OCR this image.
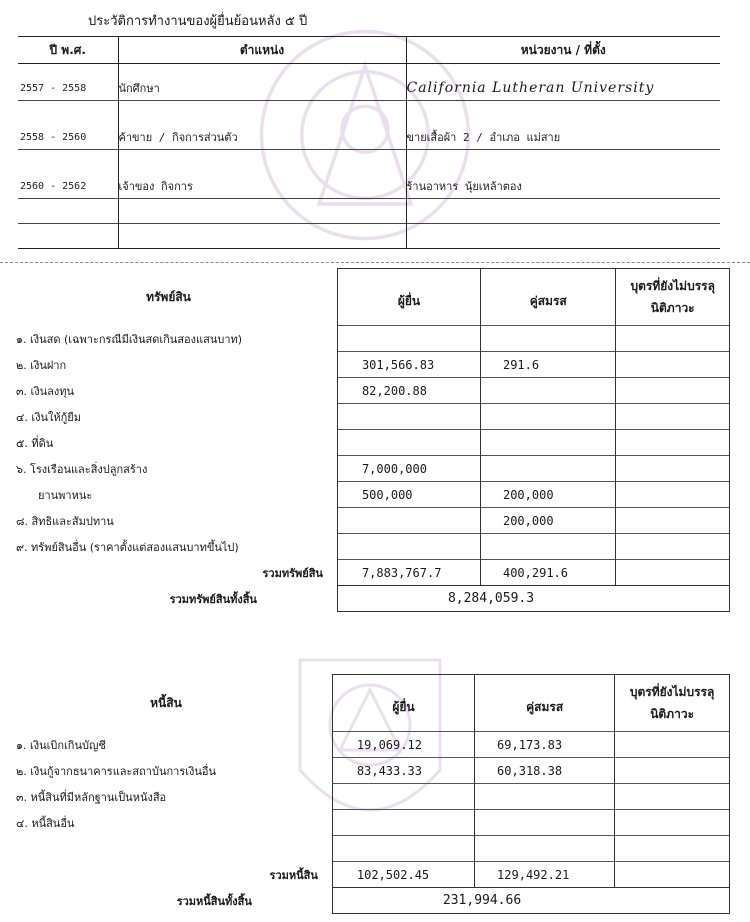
ประวัติการทำงานของผู้ยื่นย้อนหลัง ๕ ปี
ปี พ.ศ.	ตำแหน่ง	หน่วยงาน / ที่ตั้ง

2557 - 2558	นักศึกษา	California Lutheran University

2558 - 2560	ค้าขาย / กิจการส่วนตัว	ขายเสื้อผ้า 2 / อำเภอ แม่สาย

2560 - 2562	เจ้าของ กิจการ	ร้านอาหาร นุ้ยเหล้าตอง

ทรัพย์สิน	ผู้ยื่น	คู่สมรส	บุตรที่ยังไม่บรรลุ
นิติภาวะ

๑. เงินสด (เฉพาะกรณีมีเงินสดเกินสองแสนบาท)			
๒. เงินฝาก	301,566.83	291.6	
๓. เงินลงทุน	82,200.88		
๔. เงินให้กู้ยืม			
๕. ที่ดิน			
๖. โรงเรือนและสิ่งปลูกสร้าง	7,000,000		
ยานพาหนะ	500,000	200,000	
๘. สิทธิและสัมปทาน		200,000	
๙. ทรัพย์สินอื่น (ราคาตั้งแต่สองแสนบาทขึ้นไป)			
รวมทรัพย์สิน	7,883,767.7	400,291.6	
รวมทรัพย์สินทั้งสิ้น	8,284,059.3		
หนี้สิน	ผู้ยื่น	คู่สมรส	บุตรที่ยังไม่บรรลุ
นิติภาวะ

๑. เงินเบิกเกินบัญชี	19,069.12	69,173.83	
๒. เงินกู้จากธนาคารและสถาบันการเงินอื่น	83,433.33	60,318.38	
๓. หนี้สินที่มีหลักฐานเป็นหนังสือ			
๔. หนี้สินอื่น			

รวมหนี้สิน	102,502.45	129,492.21	
รวมหนี้สินทั้งสิ้น	231,994.66		
